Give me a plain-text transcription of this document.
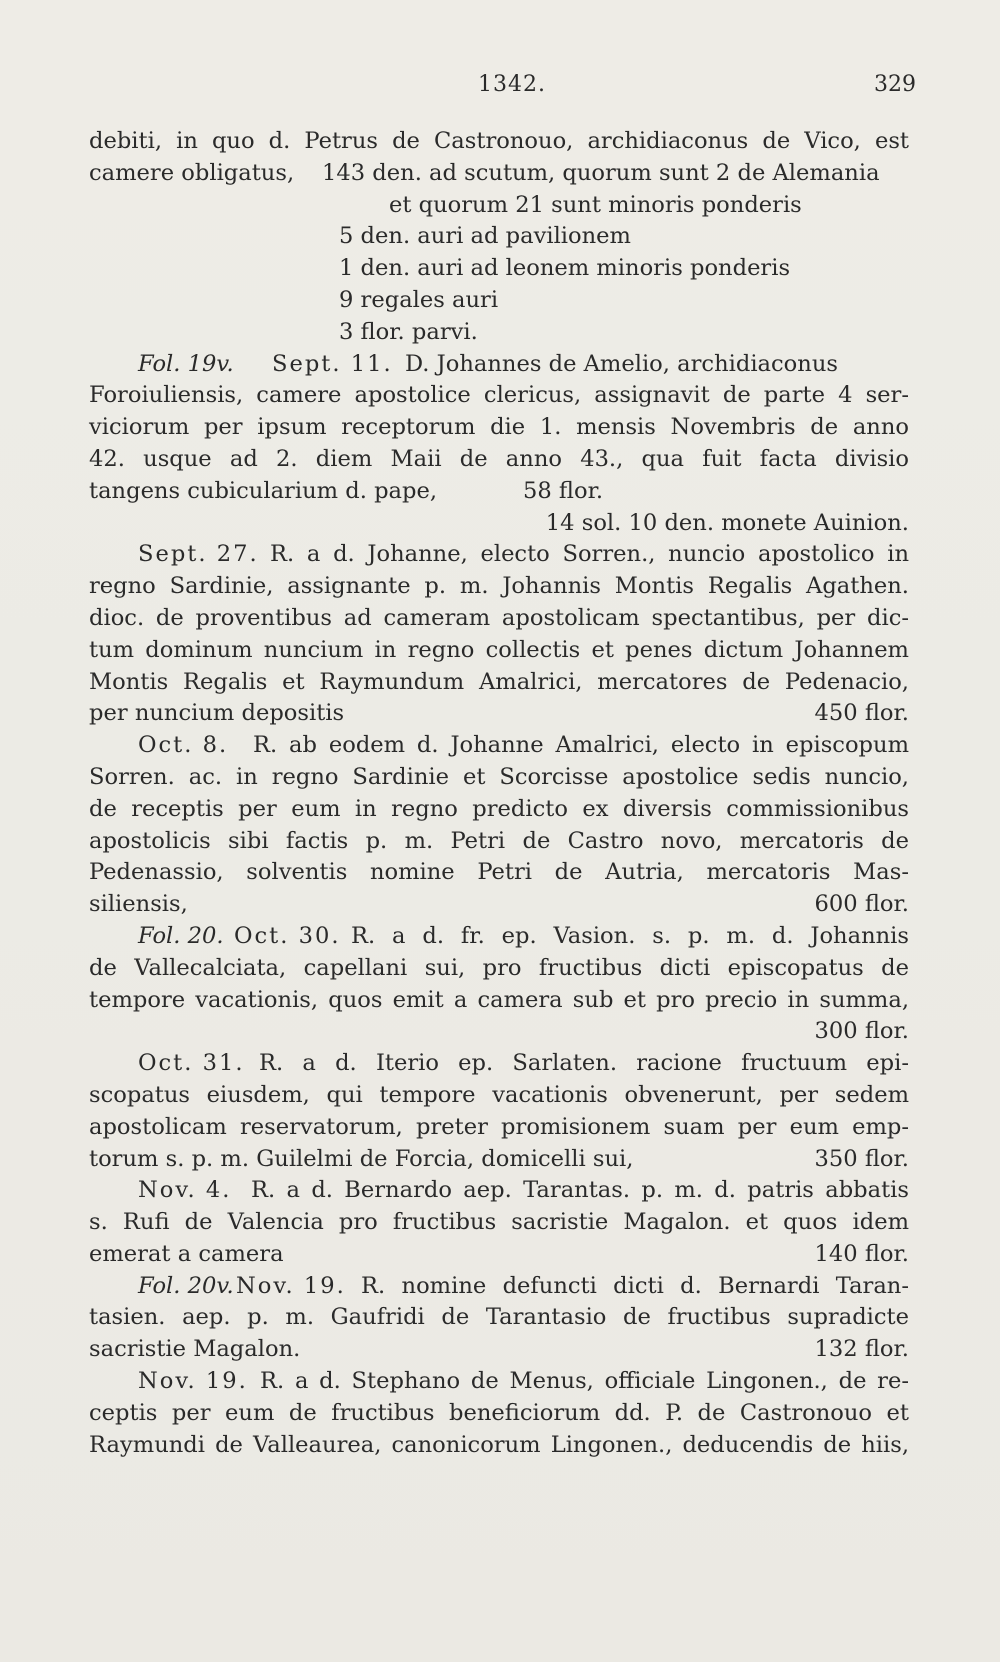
1342.	329
debiti, in quo d. Petrus de Castronouo, archidiaconus de Vico, est
camere obligatus, 143 den. ad scutum, quorum sunt 2 de Alemania
et quorum 21 sunt minoris ponderis
5 den. auri ad pavilionem
1 den. auri ad leonem minoris ponderis
9 regales auri
3 flor. parvi.
Fol. 19v. Sept. 11. D. Johannes de Amelio, archidiaconus
Foroiuliensis, camere apostolice clericus, assignavit de parte 4 ser-
viciorum per ipsum receptorum die 1. mensis Novembris de anno
42. usque ad 2. diem Maii de anno 43., qua fuit facta divisio
tangens cubicularium d. pape,	58 flor.
14 sol. 10 den. monete Auinion.
Sept. 27. R. a d. Johanne, electo Sorren., nuncio apostolico in
regno Sardinie, assignante p. m. Johannis Montis Regalis Agathen.
dioc. de proventibus ad cameram apostolicam spectantibus, per dic-
tum dominum nuncium in regno collectis et penes dictum Johannem
Montis Regalis et Raymundum Amalrici, mercatores de Pedenacio,
per nuncium depositis	450 flor.
Oct. 8. R. ab eodem d. Johanne Amalrici, electo in episcopum
Sorren. ac. in regno Sardinie et Scorcisse apostolice sedis nuncio,
de receptis per eum in regno predicto ex diversis commissionibus
apostolicis sibi factis p. m. Petri de Castro novo, mercatoris de
Pedenassio, solventis nomine Petri de Autria, mercatoris Mas-
siliensis,	600 flor.
Fol. 20. Oct. 30. R. a d. fr. ep. Vasion. s. p. m. d. Johannis
de Vallecalciata, capellani sui, pro fructibus dicti episcopatus de
tempore vacationis, quos emit a camera sub et pro precio in summa,
300 flor.
Oct. 31. R. a d. Iterio ep. Sarlaten. racione fructuum epi-
scopatus eiusdem, qui tempore vacationis obvenerunt, per sedem
apostolicam reservatorum, preter promisionem suam per eum emp-
torum s. p. m. Guilelmi de Forcia, domicelli sui,	350 flor.
Nov. 4. R. a d. Bernardo aep. Tarantas. p. m. d. patris abbatis
s. Rufi de Valencia pro fructibus sacristie Magalon. et quos idem
emerat a camera	140 flor.
Fol. 20v. Nov. 19. R. nomine defuncti dicti d. Bernardi Taran-
tasien. aep. p. m. Gaufridi de Tarantasio de fructibus supradicte
sacristie Magalon.	132 flor.
Nov. 19. R. a d. Stephano de Menus, officiale Lingonen., de re-
ceptis per eum de fructibus beneficiorum dd. P. de Castronouo et
Raymundi de Valleaurea, canonicorum Lingonen., deducendis de hiis,
